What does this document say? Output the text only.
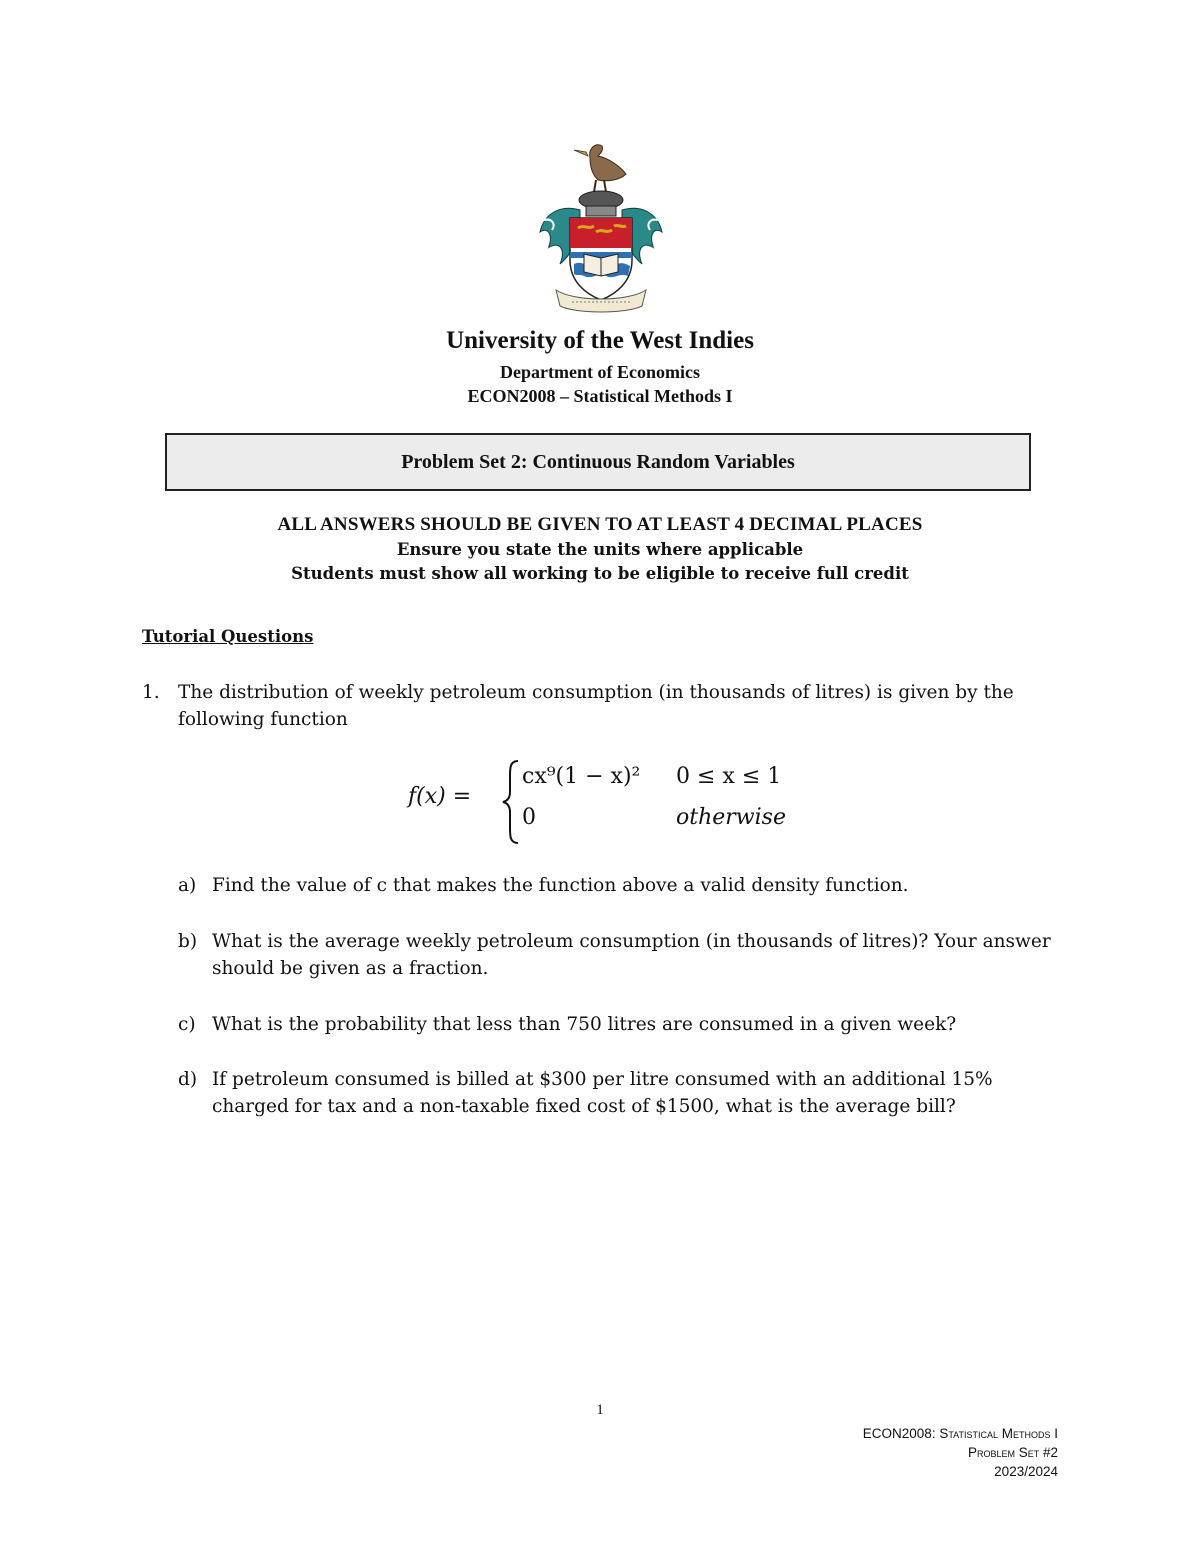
University of the West Indies
Department of Economics
ECON2008 – Statistical Methods I
Problem Set 2: Continuous Random Variables
ALL ANSWERS SHOULD BE GIVEN TO AT LEAST 4 DECIMAL PLACES
Ensure you state the units where applicable
Students must show all working to be eligible to receive full credit
Tutorial Questions
1. The distribution of weekly petroleum consumption (in thousands of litres) is given by the following function
f(x) =
cx⁹(1 − x)² 0 ≤ x ≤ 1
0	otherwise
a) Find the value of c that makes the function above a valid density function.
b) What is the average weekly petroleum consumption (in thousands of litres)? Your answer should be given as a fraction.
c) What is the probability that less than 750 litres are consumed in a given week?
d) If petroleum consumed is billed at $300 per litre consumed with an additional 15% charged for tax and a non-taxable fixed cost of $1500, what is the average bill?
1
ECON2008: Statistical Methods I
Problem Set #2
2023/2024
